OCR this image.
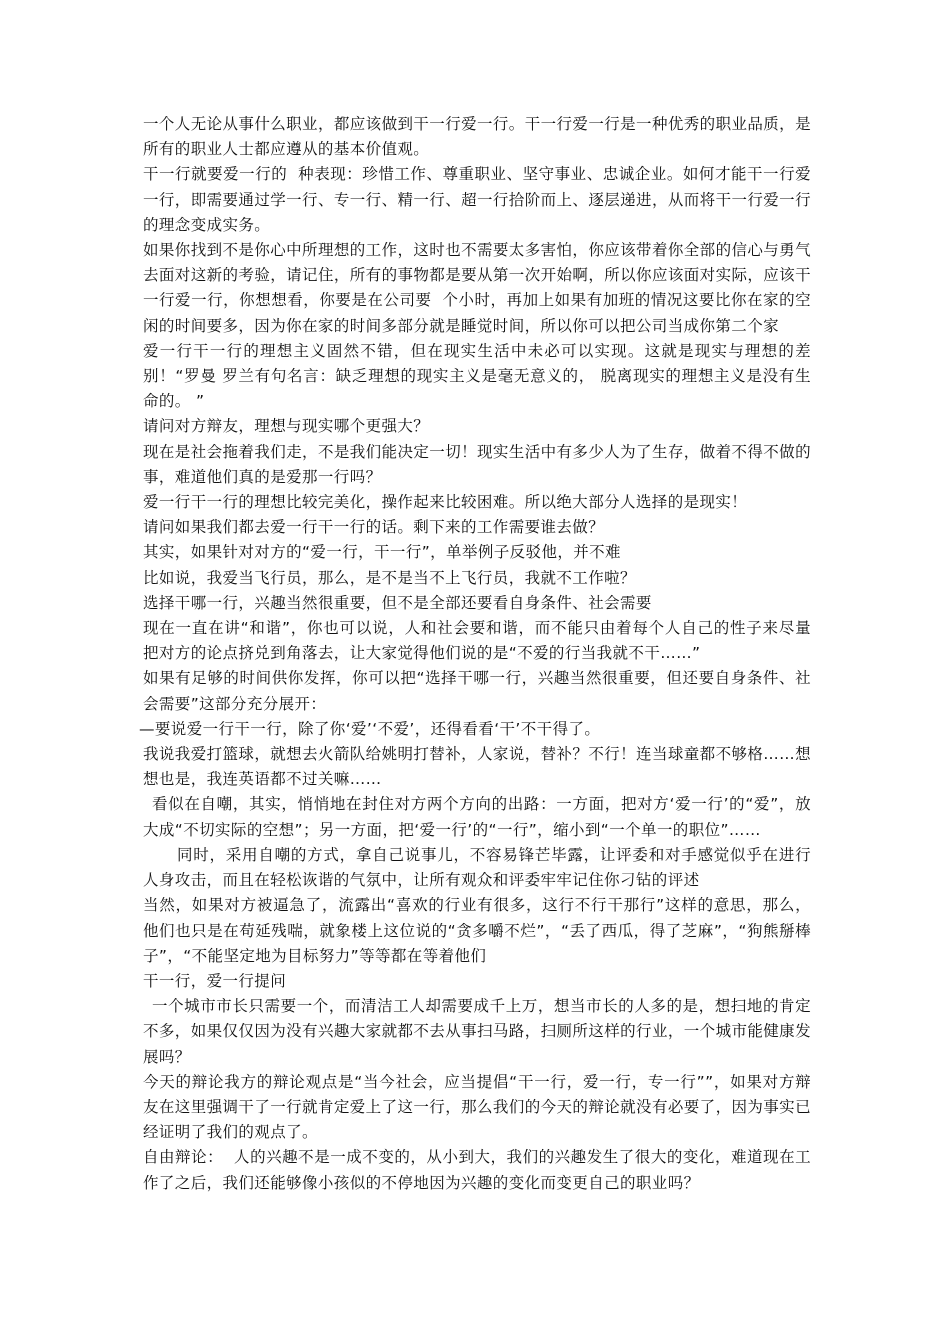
一个人无论从事什么职业，都应该做到干一行爱一行。干一行爱一行是一种优秀的职业品质，是所有的职业人士都应遵从的基本价值观。

干一行就要爱一行的  种表现：珍惜工作、尊重职业、坚守事业、忠诚企业。如何才能干一行爱一行，即需要通过学一行、专一行、精一行、超一行拾阶而上、逐层递进，从而将干一行爱一行的理念变成实务。

如果你找到不是你心中所理想的工作，这时也不需要太多害怕，你应该带着你全部的信心与勇气去面对这新的考验，请记住，所有的事物都是要从第一次开始啊，所以你应该面对实际，应该干一行爱一行，你想想看，你要是在公司要  个小时，再加上如果有加班的情况这要比你在家的空闲的时间要多，因为你在家的时间多部分就是睡觉时间，所以你可以把公司当成你第二个家

爱一行干一行的理想主义固然不错，但在现实生活中未必可以实现。这就是现实与理想的差别！“罗曼 罗兰有句名言：缺乏理想的现实主义是毫无意义的， 脱离现实的理想主义是没有生命的。 ”

请问对方辩友，理想与现实哪个更强大？

现在是社会拖着我们走，不是我们能决定一切！现实生活中有多少人为了生存，做着不得不做的事，难道他们真的是爱那一行吗？

爱一行干一行的理想比较完美化，操作起来比较困难。所以绝大部分人选择的是现实！

请问如果我们都去爱一行干一行的话。剩下来的工作需要谁去做？

其实，如果针对对方的“爱一行，干一行”，单举例子反驳他，并不难

比如说，我爱当飞行员，那么，是不是当不上飞行员，我就不工作啦？

选择干哪一行，兴趣当然很重要，但不是全部还要看自身条件、社会需要

现在一直在讲“和谐”，你也可以说，人和社会要和谐，而不能只由着每个人自己的性子来尽量把对方的论点挤兑到角落去，让大家觉得他们说的是“不爱的行当我就不干……”

如果有足够的时间供你发挥，你可以把“选择干哪一行，兴趣当然很重要，但还要自身条件、社会需要”这部分充分展开：

—要说爱一行干一行，除了你‘爱’‘不爱’，还得看看‘干’不干得了。

我说我爱打篮球，就想去火箭队给姚明打替补，人家说，替补？不行！连当球童都不够格……想想也是，我连英语都不过关嘛……

看似在自嘲，其实，悄悄地在封住对方两个方向的出路：一方面，把对方‘爱一行’的“爱”，放大成“不切实际的空想”；另一方面，把‘爱一行’的“一行”，缩小到“一个单一的职位”……

同时，采用自嘲的方式，拿自己说事儿，不容易锋芒毕露，让评委和对手感觉似乎在进行人身攻击，而且在轻松诙谐的气氛中，让所有观众和评委牢牢记住你刁钻的评述

当然，如果对方被逼急了，流露出“喜欢的行业有很多，这行不行干那行”这样的意思，那么，他们也只是在苟延残喘，就象楼上这位说的“贪多嚼不烂”，“丢了西瓜，得了芝麻”，“狗熊掰棒子”，“不能坚定地为目标努力”等等都在等着他们

干一行，爱一行提问

一个城市市长只需要一个，而清洁工人却需要成千上万，想当市长的人多的是，想扫地的肯定不多，如果仅仅因为没有兴趣大家就都不去从事扫马路，扫厕所这样的行业，一个城市能健康发展吗？

今天的辩论我方的辩论观点是“当今社会，应当提倡“干一行，爱一行，专一行””，如果对方辩友在这里强调干了一行就肯定爱上了这一行，那么我们的今天的辩论就没有必要了，因为事实已经证明了我们的观点了。

自由辩论：  人的兴趣不是一成不变的，从小到大，我们的兴趣发生了很大的变化，难道现在工作了之后，我们还能够像小孩似的不停地因为兴趣的变化而变更自己的职业吗？
